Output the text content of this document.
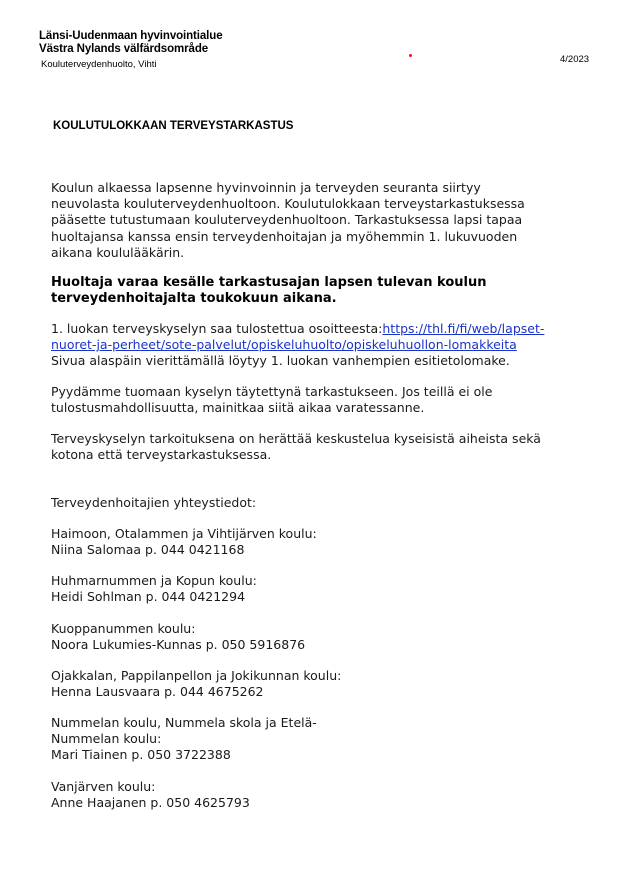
Länsi-Uudenmaan hyvinvointialue
Västra Nylands välfärdsområde
Kouluterveydenhuolto, Vihti	4/2023
KOULUTULOKKAAN TERVEYSTARKASTUS

Koulun alkaessa lapsenne hyvinvoinnin ja terveyden seuranta siirtyy

neuvolasta kouluterveydenhuoltoon. Koulutulokkaan terveystarkastuksessa

pääsette tutustumaan kouluterveydenhuoltoon. Tarkastuksessa lapsi tapaa

huoltajansa kanssa ensin terveydenhoitajan ja myöhemmin 1. lukuvuoden

aikana koululääkärin.

Huoltaja varaa kesälle tarkastusajan lapsen tulevan koulun

terveydenhoitajalta toukokuun aikana.

1. luokan terveyskyselyn saa tulostettua osoitteesta:https://thl.fi/fi/web/lapset-

nuoret-ja-perheet/sote-palvelut/opiskeluhuolto/opiskeluhuollon-lomakkeita

Sivua alaspäin vierittämällä löytyy 1. luokan vanhempien esitietolomake.

Pyydämme tuomaan kyselyn täytettynä tarkastukseen. Jos teillä ei ole

tulostusmahdollisuutta, mainitkaa siitä aikaa varatessanne.

Terveyskyselyn tarkoituksena on herättää keskustelua kyseisistä aiheista sekä

kotona että terveystarkastuksessa.

Terveydenhoitajien yhteystiedot:
Haimoon, Otalammen ja Vihtijärven koulu:
Niina Salomaa p. 044 0421168
Huhmarnummen ja Kopun koulu:
Heidi Sohlman p. 044 0421294
Kuoppanummen koulu:
Noora Lukumies-Kunnas p. 050 5916876
Ojakkalan, Pappilanpellon ja Jokikunnan koulu:
Henna Lausvaara p. 044 4675262
Nummelan koulu, Nummela skola ja Etelä-
Nummelan koulu:
Mari Tiainen p. 050 3722388
Vanjärven koulu:
Anne Haajanen p. 050 4625793
